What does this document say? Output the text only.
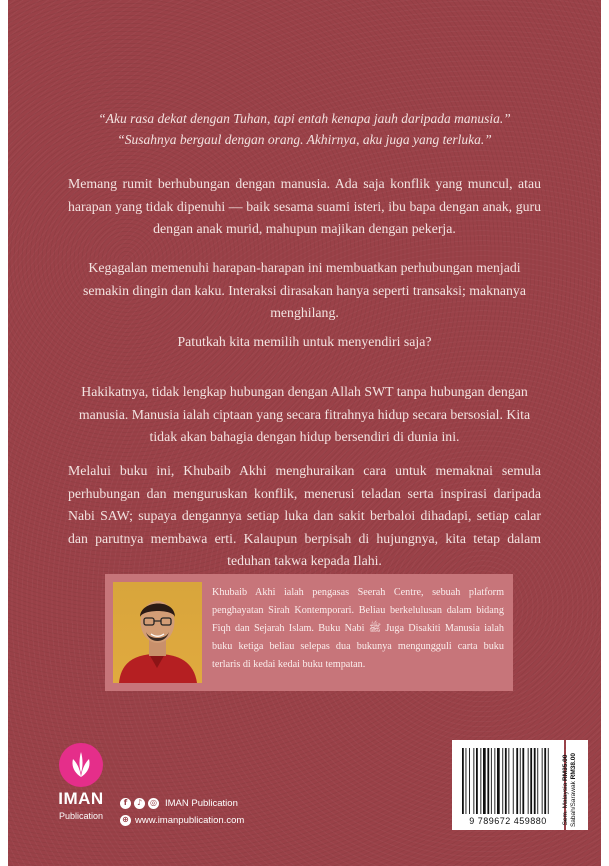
“Aku rasa dekat dengan Tuhan, tapi entah kenapa jauh daripada manusia.”
“Susahnya bergaul dengan orang. Akhirnya, aku juga yang terluka.”
Memang rumit berhubungan dengan manusia. Ada saja konflik yang muncul, atau harapan yang tidak dipenuhi — baik sesama suami isteri, ibu bapa dengan anak, guru dengan anak murid, mahupun majikan dengan pekerja.
Kegagalan memenuhi harapan-harapan ini membuatkan perhubungan menjadi semakin dingin dan kaku. Interaksi dirasakan hanya seperti transaksi; maknanya menghilang.
Patutkah kita memilih untuk menyendiri saja?
Hakikatnya, tidak lengkap hubungan dengan Allah SWT tanpa hubungan dengan manusia. Manusia ialah ciptaan yang secara fitrahnya hidup secara bersosial. Kita tidak akan bahagia dengan hidup bersendiri di dunia ini.
Melalui buku ini, Khubaib Akhi menghuraikan cara untuk memaknai semula perhubungan dan menguruskan konflik, menerusi teladan serta inspirasi daripada Nabi SAW; supaya dengannya setiap luka dan sakit berbaloi dihadapi, setiap calar dan parutnya membawa erti. Kalaupun berpisah di hujungnya, kita tetap dalam teduhan takwa kepada Ilahi.
Khubaib Akhi ialah pengasas Seerah Centre, sebuah platform penghayatan Sirah Kontemporari. Beliau berkelulusan dalam bidang Fiqh dan Sejarah Islam. Buku Nabi ﷺ Juga Disakiti Manusia ialah buku ketiga beliau selepas dua bukunya mengungguli carta buku terlaris di kedai kedai buku tempatan.
IMAN
Publication
f	♪ ◎ IMAN Publication
⊕ www.imanpublication.com	9 789672 459880	Sem. Malaysia RM35.00
Sabah/Sarawak RM38.00
